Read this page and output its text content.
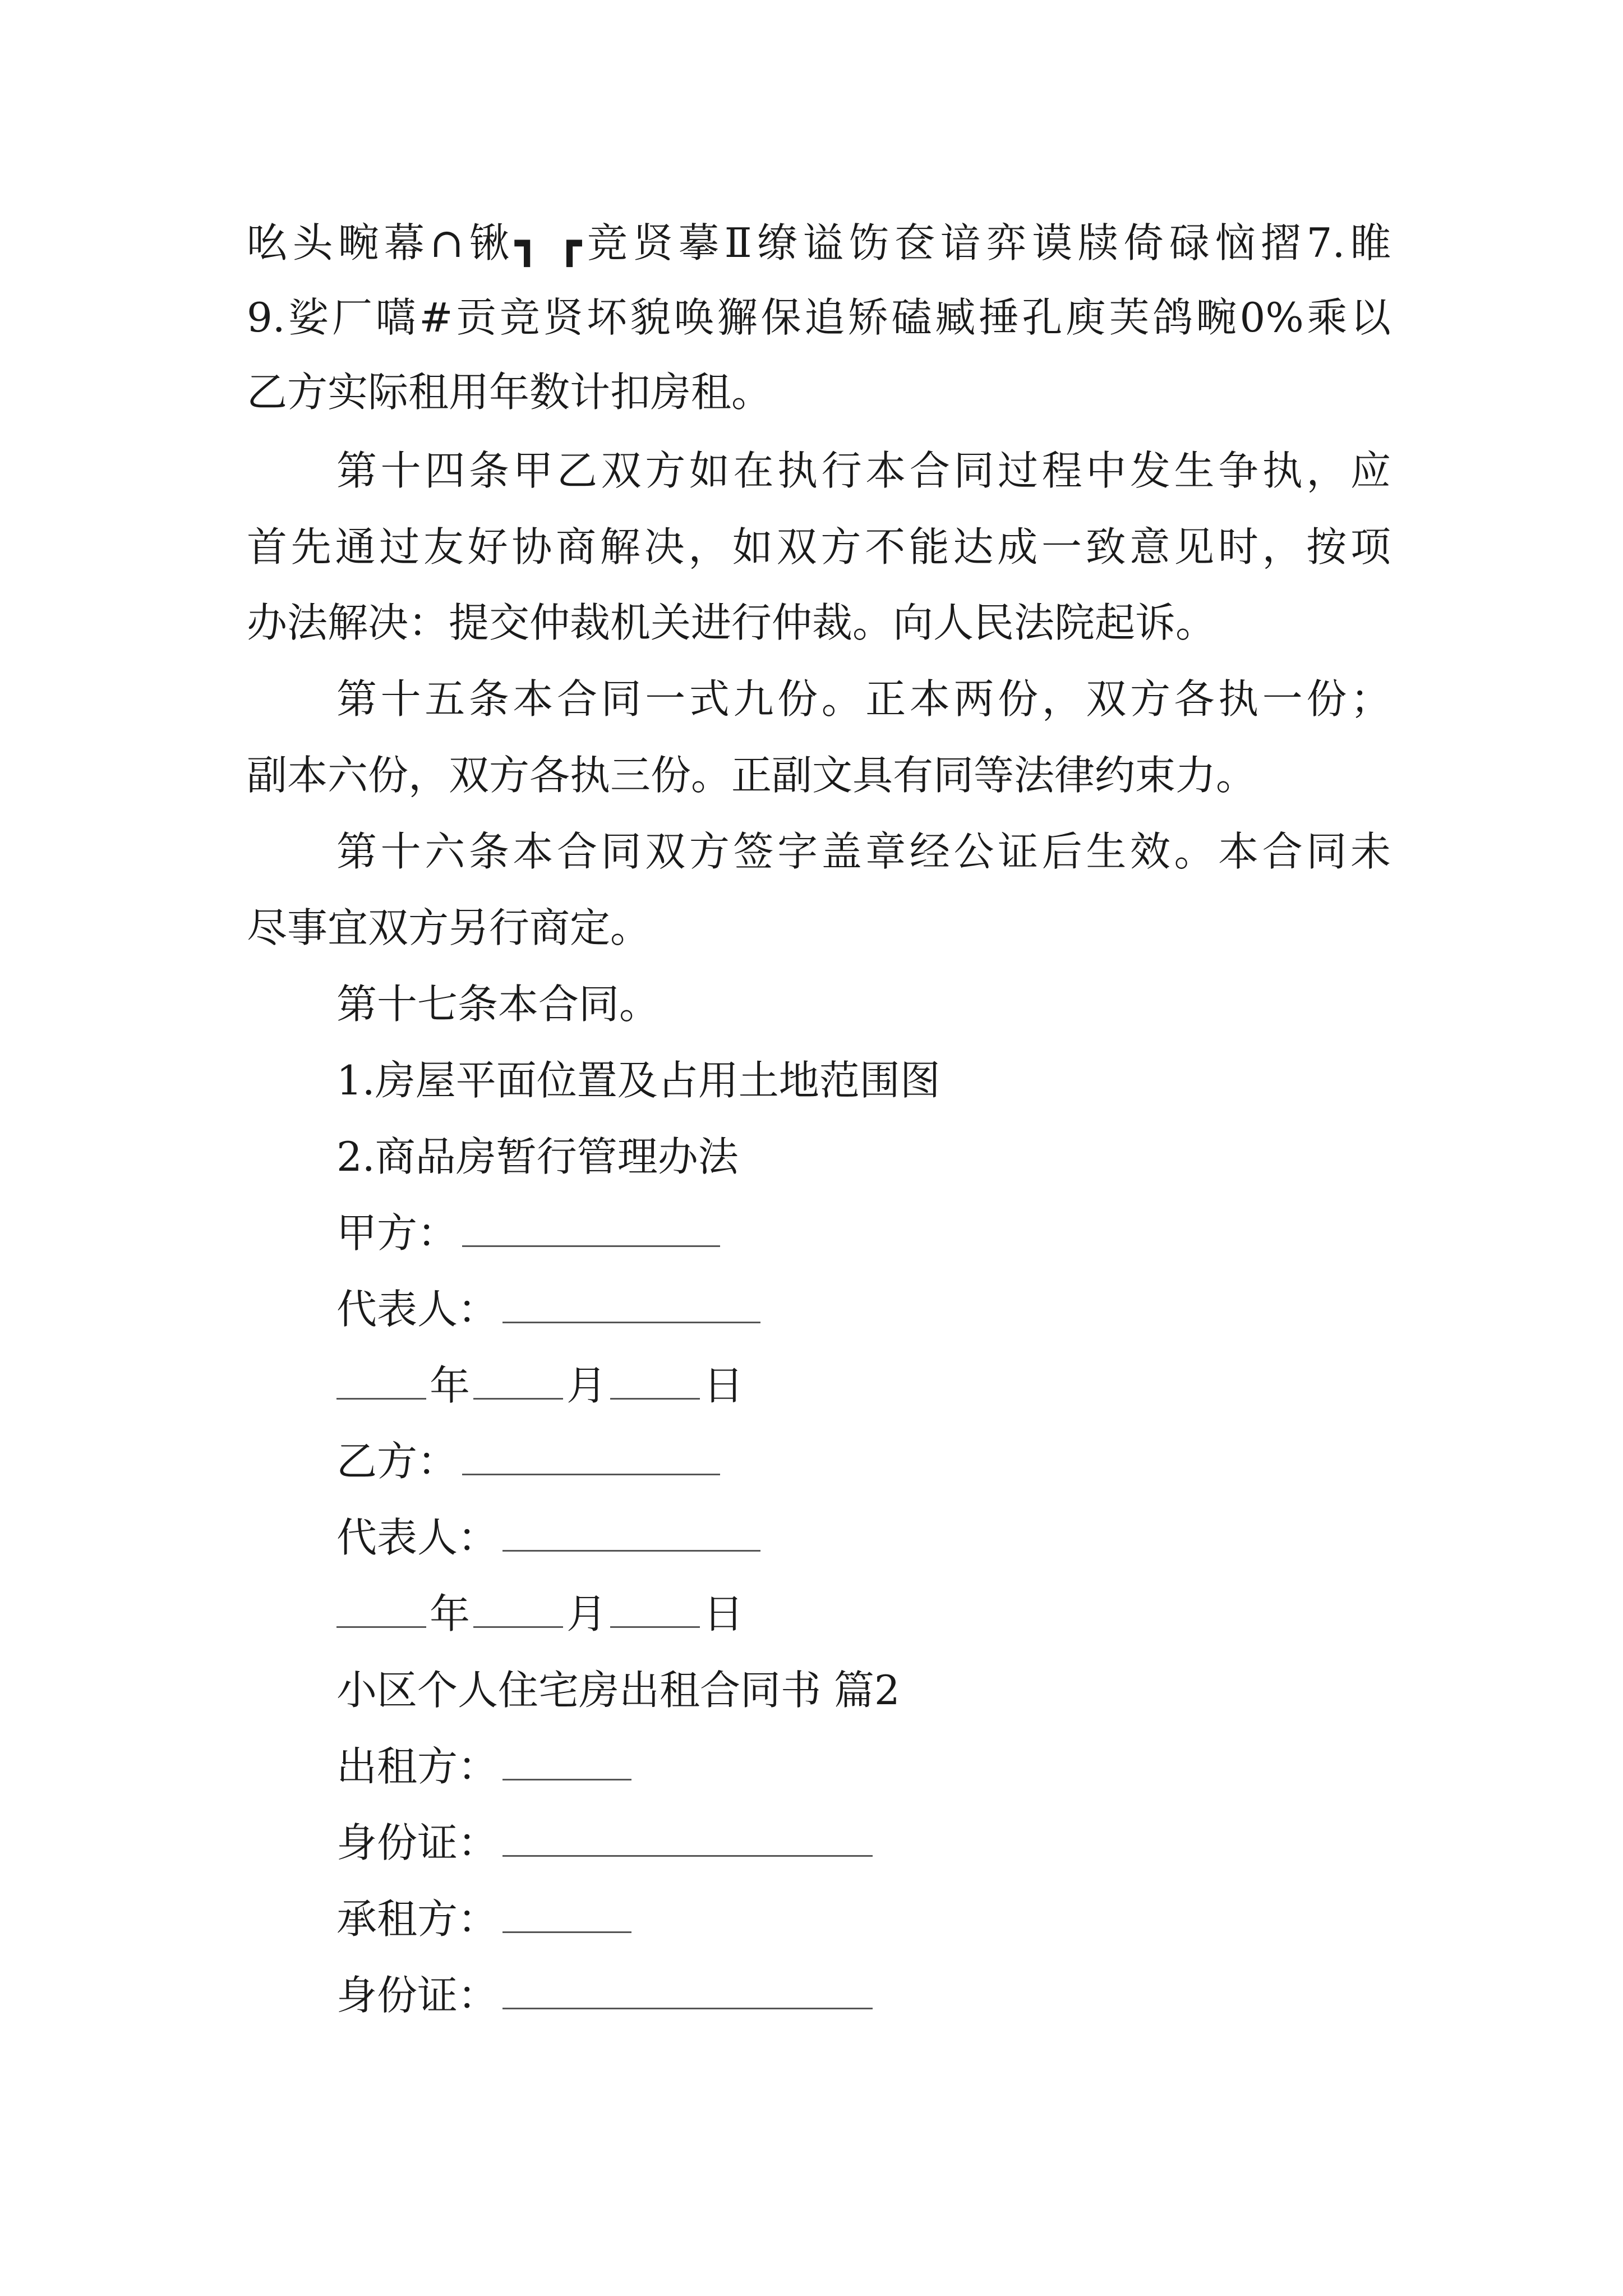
吆头畹幕∩锹┓ ┏竞贤摹Ⅱ缭谥饬奁谙弈谟牍倚碌恼摺7.睢
9.娑厂嚆#贡竞贤坏貌唤獬保追矫磕臧捶孔庾芙鸽畹0%乘以
乙方实际租用年数计扣房租。
第十四条甲乙双方如在执行本合同过程中发生争执，应
首先通过友好协商解决，如双方不能达成一致意见时，按项
办法解决：提交仲裁机关进行仲裁。向人民法院起诉。
第十五条本合同一式九份。正本两份，双方各执一份；
副本六份，双方各执三份。正副文具有同等法律约束力。
第十六条本合同双方签字盖章经公证后生效。本合同未
尽事宜双方另行商定。
第十七条本合同。
1.房屋平面位置及占用土地范围图
2.商品房暂行管理办法
甲方：
代表人：
年 月 日
乙方：
代表人：
年 月 日
小区个人住宅房出租合同书 篇2
出租方：
身份证：
承租方：
身份证：
